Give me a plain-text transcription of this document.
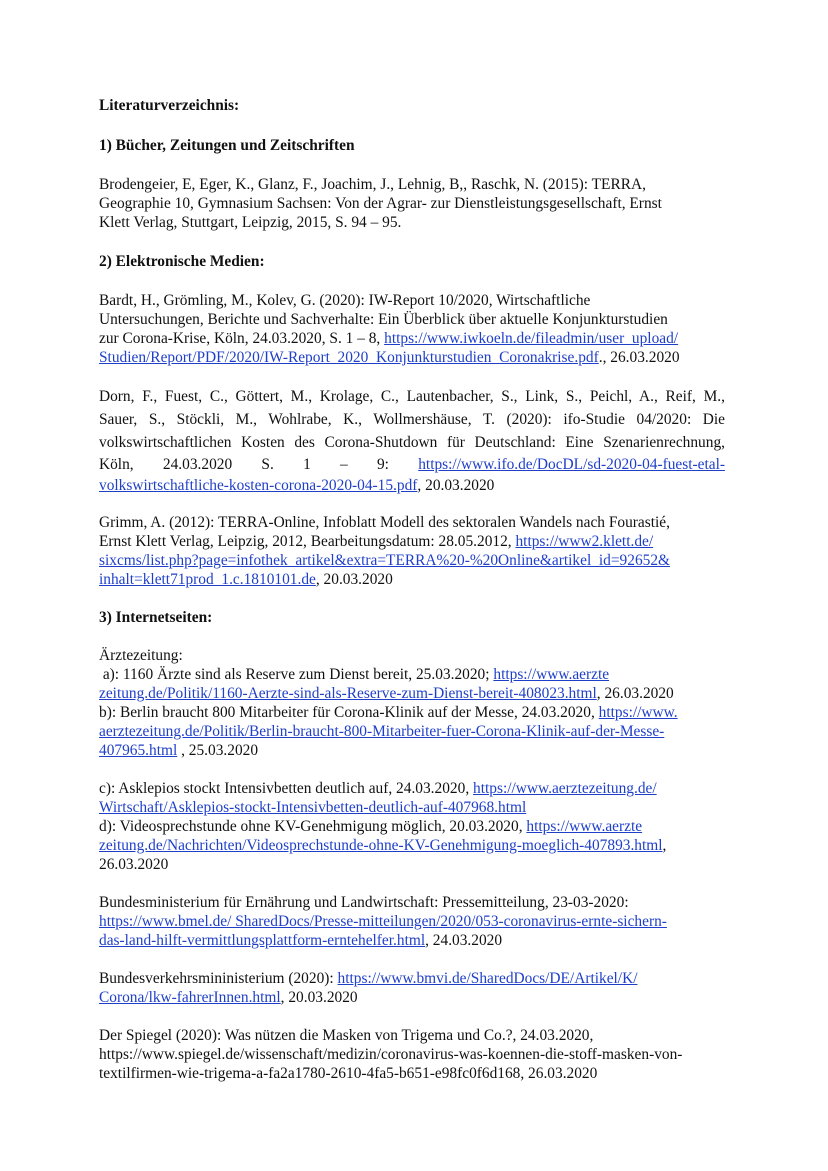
Literaturverzeichnis:

1) Bücher, Zeitungen und Zeitschriften

Brodengeier, E, Eger, K., Glanz, F., Joachim, J., Lehnig, B,, Raschk, N. (2015): TERRA,

Geographie 10, Gymnasium Sachsen: Von der Agrar- zur Dienstleistungsgesellschaft, Ernst

Klett Verlag, Stuttgart, Leipzig, 2015, S. 94 – 95.

2) Elektronische Medien:

Bardt, H., Grömling, M., Kolev, G. (2020): IW-Report 10/2020, Wirtschaftliche

Untersuchungen, Berichte und Sachverhalte: Ein Überblick über aktuelle Konjunkturstudien

zur Corona-Krise, Köln, 24.03.2020, S. 1 – 8, https://www.iwkoeln.de/fileadmin/user_upload/

Studien/Report/PDF/2020/IW-Report_2020_Konjunkturstudien_Coronakrise.pdf., 26.03.2020

Dorn, F., Fuest, C., Göttert, M., Krolage, C., Lautenbacher, S., Link, S., Peichl, A., Reif, M.,

Sauer, S., Stöckli, M., Wohlrabe, K., Wollmershäuse, T. (2020): ifo-Studie 04/2020: Die

volkswirtschaftlichen Kosten des Corona-Shutdown für Deutschland: Eine Szenarienrechnung,

Köln, 24.03.2020 S. 1 – 9: https://www.ifo.de/DocDL/sd-2020-04-fuest-etal-

volkswirtschaftliche-kosten-corona-2020-04-15.pdf, 20.03.2020

Grimm, A. (2012): TERRA-Online, Infoblatt Modell des sektoralen Wandels nach Fourastié,

Ernst Klett Verlag, Leipzig, 2012, Bearbeitungsdatum: 28.05.2012, https://www2.klett.de/

sixcms/list.php?page=infothek_artikel&extra=TERRA%20-%20Online&artikel_id=92652&

inhalt=klett71prod_1.c.1810101.de, 20.03.2020

3) Internetseiten:

Ärztezeitung:

a): 1160 Ärzte sind als Reserve zum Dienst bereit, 25.03.2020; https://www.aerzte

zeitung.de/Politik/1160-Aerzte-sind-als-Reserve-zum-Dienst-bereit-408023.html, 26.03.2020

b): Berlin braucht 800 Mitarbeiter für Corona-Klinik auf der Messe, 24.03.2020, https://www.

aerztezeitung.de/Politik/Berlin-braucht-800-Mitarbeiter-fuer-Corona-Klinik-auf-der-Messe-

407965.html , 25.03.2020

c): Asklepios stockt Intensivbetten deutlich auf, 24.03.2020, https://www.aerztezeitung.de/

Wirtschaft/Asklepios-stockt-Intensivbetten-deutlich-auf-407968.html

d): Videosprechstunde ohne KV-Genehmigung möglich, 20.03.2020, https://www.aerzte

zeitung.de/Nachrichten/Videosprechstunde-ohne-KV-Genehmigung-moeglich-407893.html,

26.03.2020

Bundesministerium für Ernährung und Landwirtschaft: Pressemitteilung, 23-03-2020:

https://www.bmel.de/ SharedDocs/Presse-mitteilungen/2020/053-coronavirus-ernte-sichern-

das-land-hilft-vermittlungsplattform-erntehelfer.html, 24.03.2020

Bundesverkehrsmininisterium (2020): https://www.bmvi.de/SharedDocs/DE/Artikel/K/

Corona/lkw-fahrerInnen.html, 20.03.2020

Der Spiegel (2020): Was nützen die Masken von Trigema und Co.?, 24.03.2020,

https://www.spiegel.de/wissenschaft/medizin/coronavirus-was-koennen-die-stoff-masken-von-

textilfirmen-wie-trigema-a-fa2a1780-2610-4fa5-b651-e98fc0f6d168, 26.03.2020
